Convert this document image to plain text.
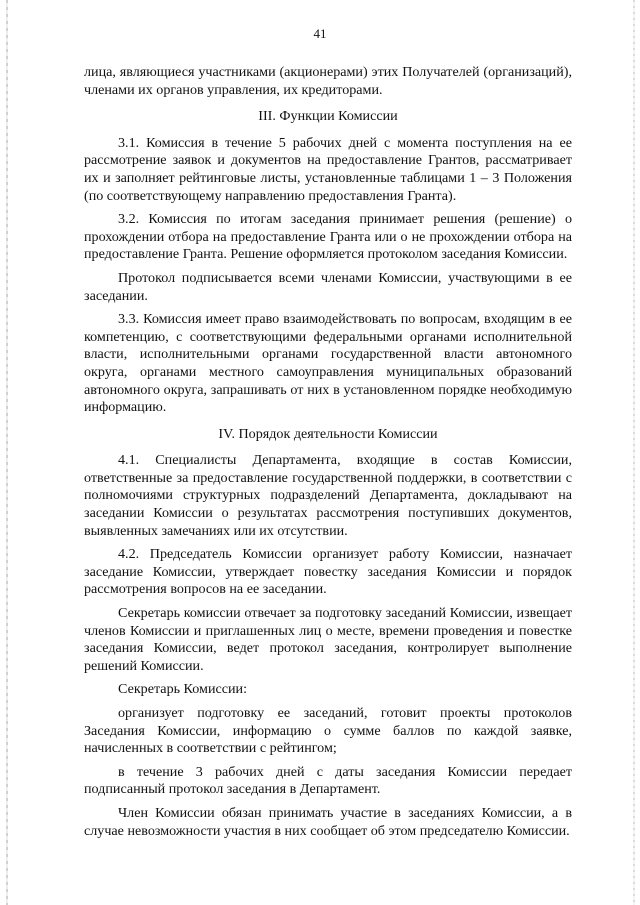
41

лица, являющиеся участниками (акционерами) этих Получателей (организаций), членами их органов управления, их кредиторами.

III. Функции Комиссии

3.1. Комиссия в течение 5 рабочих дней с момента поступления на ее рассмотрение заявок и документов на предоставление Грантов, рассматривает их и заполняет рейтинговые листы, установленные таблицами 1 – 3 Положения (по соответствующему направлению предоставления Гранта).

3.2. Комиссия по итогам заседания принимает решения (решение) о прохождении отбора на предоставление Гранта или о не прохождении отбора на предоставление Гранта. Решение оформляется протоколом заседания Комиссии.

Протокол подписывается всеми членами Комиссии, участвующими в ее заседании.

3.3. Комиссия имеет право взаимодействовать по вопросам, входящим в ее компетенцию, с соответствующими федеральными органами исполнительной власти, исполнительными органами государственной власти автономного округа, органами местного самоуправления муниципальных образований автономного округа, запрашивать от них в установленном порядке необходимую информацию.

IV. Порядок деятельности Комиссии

4.1. Специалисты Департамента, входящие в состав Комиссии, ответственные за предоставление государственной поддержки, в соответствии с полномочиями структурных подразделений Департамента, докладывают на заседании Комиссии о результатах рассмотрения поступивших документов, выявленных замечаниях или их отсутствии.

4.2. Председатель Комиссии организует работу Комиссии, назначает заседание Комиссии, утверждает повестку заседания Комиссии и порядок рассмотрения вопросов на ее заседании.

Секретарь комиссии отвечает за подготовку заседаний Комиссии, извещает членов Комиссии и приглашенных лиц о месте, времени проведения и повестке заседания Комиссии, ведет протокол заседания, контролирует выполнение решений Комиссии.

Секретарь Комиссии:

организует подготовку ее заседаний, готовит проекты протоколов Заседания Комиссии, информацию о сумме баллов по каждой заявке, начисленных в соответствии с рейтингом;

в течение 3 рабочих дней с даты заседания Комиссии передает подписанный протокол заседания в Департамент.

Член Комиссии обязан принимать участие в заседаниях Комиссии, а в случае невозможности участия в них сообщает об этом председателю Комиссии.
